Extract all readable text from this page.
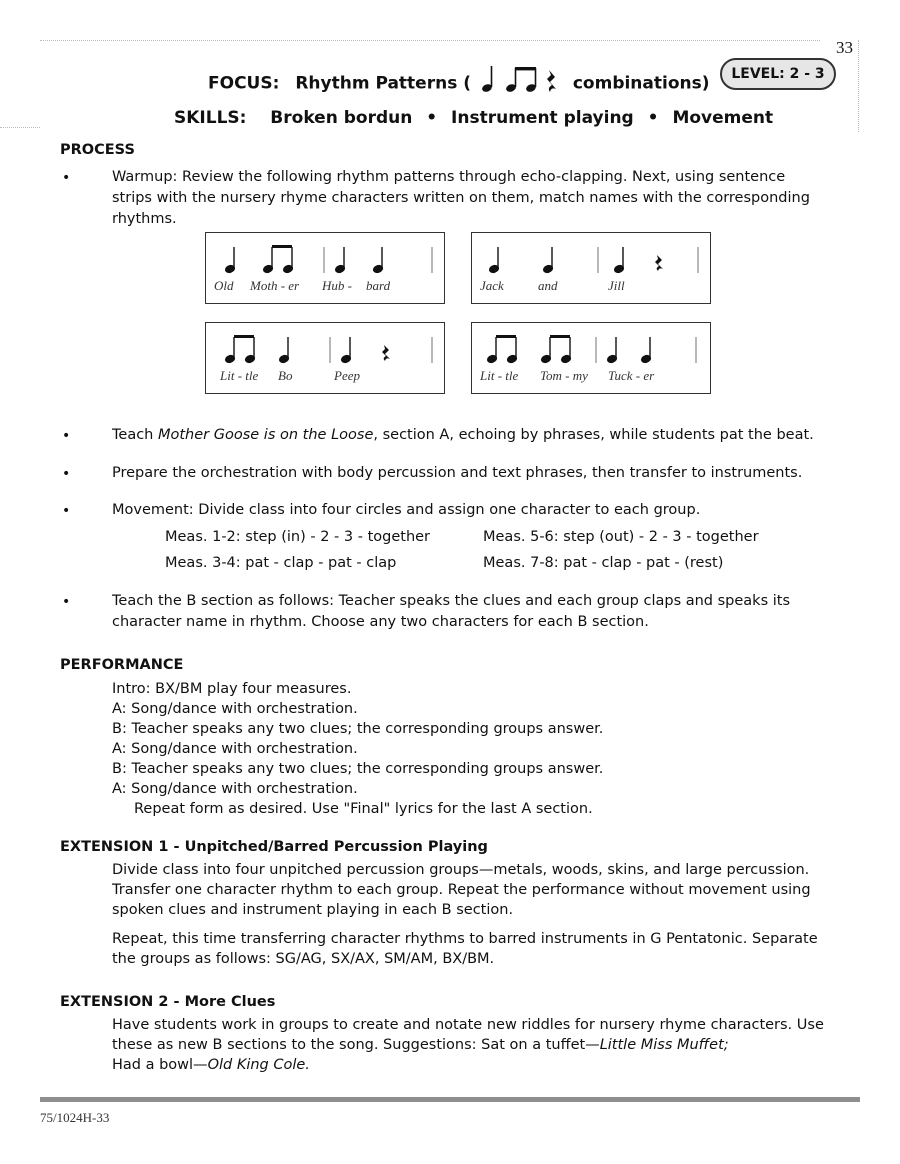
33
FOCUS: Rhythm Patterns (	combinations)	LEVEL: 2 - 3
SKILLS: Broken bordun • Instrument playing • Movement
PROCESS
•	Warmup: Review the following rhythm patterns through echo-clapping. Next, using sentence
strips with the nursery rhyme characters written on them, match names with the corresponding
rhythms.
Old Moth - er Hub - bard	Jack	and	Jill
Lit - tle Bo	Peep	Lit - tle Tom - my Tuck - er
•	Teach Mother Goose is on the Loose, section A, echoing by phrases, while students pat the beat.
•	Prepare the orchestration with body percussion and text phrases, then transfer to instruments.
•	Movement: Divide class into four circles and assign one character to each group.
Meas. 1-2: step (in) - 2 - 3 - together	Meas. 5-6: step (out) - 2 - 3 - together
Meas. 3-4: pat - clap - pat - clap	Meas. 7-8: pat - clap - pat - (rest)
•	Teach the B section as follows: Teacher speaks the clues and each group claps and speaks its
character name in rhythm. Choose any two characters for each B section.
PERFORMANCE
Intro: BX/BM play four measures.
A: Song/dance with orchestration.
B: Teacher speaks any two clues; the corresponding groups answer.
A: Song/dance with orchestration.
B: Teacher speaks any two clues; the corresponding groups answer.
A: Song/dance with orchestration.
Repeat form as desired. Use "Final" lyrics for the last A section.
EXTENSION 1 - Unpitched/Barred Percussion Playing
Divide class into four unpitched percussion groups—metals, woods, skins, and large percussion.
Transfer one character rhythm to each group. Repeat the performance without movement using
spoken clues and instrument playing in each B section.
Repeat, this time transferring character rhythms to barred instruments in G Pentatonic. Separate
the groups as follows: SG/AG, SX/AX, SM/AM, BX/BM.
EXTENSION 2 - More Clues
Have students work in groups to create and notate new riddles for nursery rhyme characters. Use
these as new B sections to the song. Suggestions: Sat on a tuffet—Little Miss Muffet;
Had a bowl—Old King Cole.
75/1024H-33
